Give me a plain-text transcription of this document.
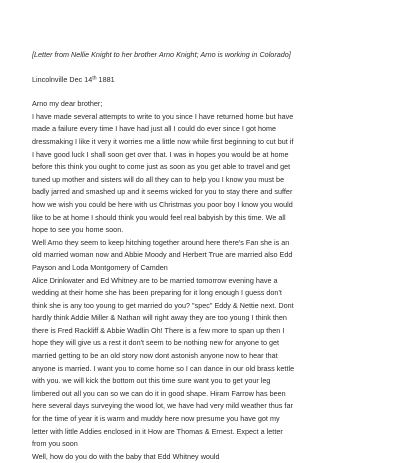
[Letter from Nellie Knight to her brother Arno Knight; Arno is working in Colorado]
Lincolnville Dec 14th 1881
Arno my dear brother;
I have made several attempts to write to you since I have returned home but have
made a failure every time I have had just all I could do ever since I got home
dressmaking I like it very it worries me a little now while first beginning to cut but if
I have good luck I shall soon get over that. I was in hopes you would be at home
before this think you ought to come just as soon as you get able to travel and get
tuned up mother and sisters will do all they can to help you I know you must be
badly jarred and smashed up and it seems wicked for you to stay there and suffer
how we wish you could be here with us Christmas you poor boy I know you would
like to be at home I should think you would feel real babyish by this time. We all
hope to see you home soon.
Well Arno they seem to keep hitching together around here there's Fan she is an
old married woman now and Abbie Moody and Herbert True are married also Edd
Payson and Loda Montgomery of Camden
Alice Drinkwater and Ed Whitney are to be married tomorrow evening have a
wedding at their home she has been preparing for it long enough I guess don't
think she is any too young to get married do you? "spec" Eddy & Nettie next. Dont
hardly think Addie Miller & Nathan will right away they are too young I think then
there is Fred Rackliff & Abbie Wadlin Oh! There is a few more to span up then I
hope they will give us a rest it don't seem to be nothing new for anyone to get
married getting to be an old story now dont astonish anyone now to hear that
anyone is married. I want you to come home so I can dance in our old brass kettle
with you. we will kick the bottom out this time sure want you to get your leg
limbered out all you can so we can do it in good shape. Hiram Farrow has been
here several days surveying the wood lot, we have had very mild weather thus far
for the time of year it is warm and muddy here now presume you have got my
letter with little Addies enclosed in it How are Thomas & Ernest. Expect a letter
from you soon
Well, how do you do with the baby that Edd Whitney would
